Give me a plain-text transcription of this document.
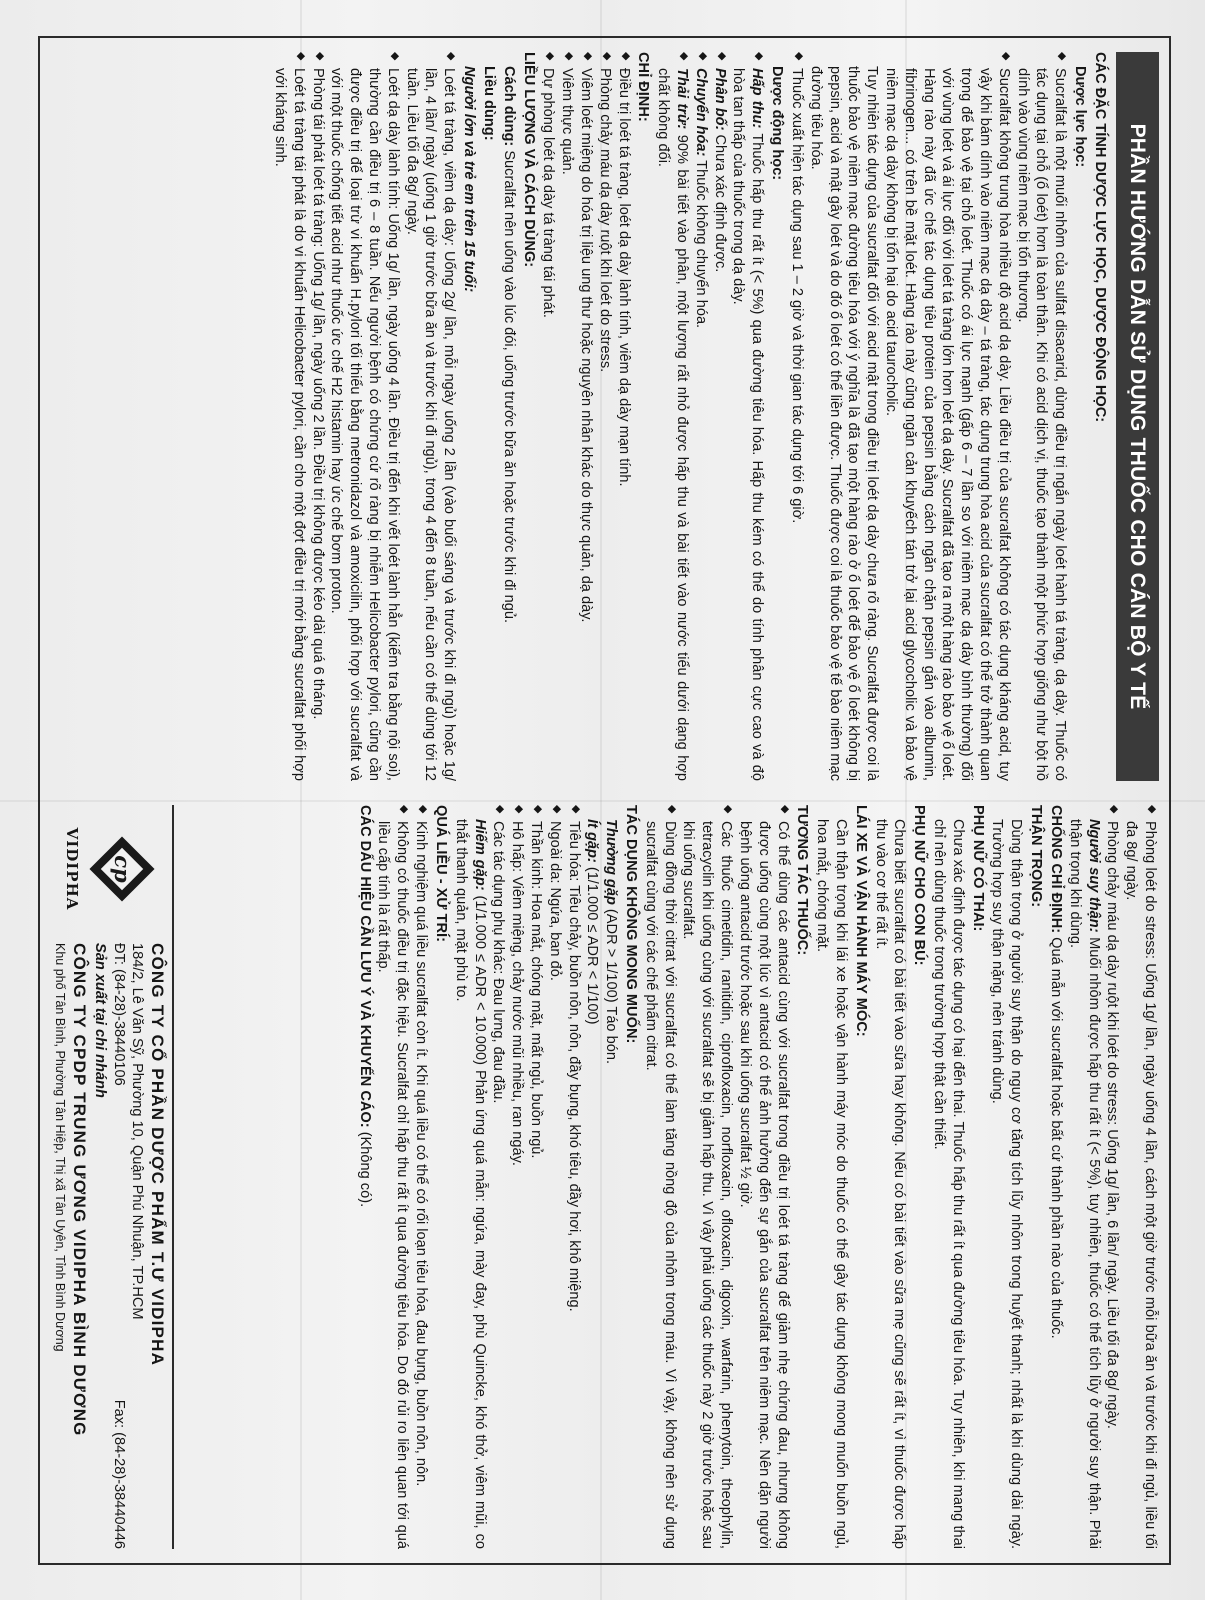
PHẦN HƯỚNG DẪN SỬ DỤNG THUỐC CHO CÁN BỘ Y TẾ
CÁC ĐẶC TÍNH DƯỢC LỰC HỌC, DƯỢC ĐỘNG HỌC:
Dược lực học:

◆ Sucralfat là một muối nhôm của sulfat disacarid, dùng điều trị ngắn ngày loét hành tá tràng, dạ dày. Thuốc có tác dụng tại chỗ (ổ loét) hơn là toàn thân. Khi có acid dịch vị, thuốc tạo thành một phức hợp giống như bột hồ dính vào vùng niêm mạc bị tổn thương.

◆ Sucralfat không trung hòa nhiều độ acid dạ dày. Liều điều trị của sucralfat không có tác dụng kháng acid, tuy vậy khi bám dính vào niêm mạc dạ dày – tá tràng, tác dụng trung hòa acid của sucralfat có thể trở thành quan trọng để bảo vệ tại chỗ loét. Thuốc có ái lực mạnh (gấp 6 – 7 lần so với niêm mạc dạ dày bình thường) đối với vùng loét và ái lực đối với loét tá tràng lớn hơn loét dạ dày. Sucralfat đã tạo ra một hàng rào bảo vệ ổ loét. Hàng rào này đã ức chế tác dụng tiêu protein của pepsin bằng cách ngăn chặn pepsin gắn vào albumin, fibrinogen... có trên bề mặt loét. Hàng rào này cũng ngăn cản khuyếch tán trở lại acid glycocholic và bảo vệ niêm mạc dạ dày không bị tổn hại do acid taurocholic.

Tuy nhiên tác dụng của sucralfat đối với acid mật trong điều trị loét dạ dày chưa rõ ràng. Sucralfat được coi là thuốc bảo vệ niêm mạc đường tiêu hóa với ý nghĩa là đã tạo một hàng rào ở ổ loét để bảo vệ ổ loét không bị pepsin, acid và mật gây loét và do đó ổ loét có thể liền được. Thuốc được coi là thuốc bảo vệ tế bào niêm mạc đường tiêu hóa.

◆ Thuốc xuất hiện tác dụng sau 1 – 2 giờ và thời gian tác dụng tới 6 giờ.

Dược động học:

◆ Hấp thu: Thuốc hấp thu rất ít (< 5%) qua đường tiêu hóa. Hấp thu kém có thể do tính phân cực cao và độ hòa tan thấp của thuốc trong dạ dày.

◆ Phân bố: Chưa xác định được.

◆ Chuyển hóa: Thuốc không chuyển hóa.

◆ Thải trừ: 90% bài tiết vào phân, một lượng rất nhỏ được hấp thu và bài tiết vào nước tiểu dưới dạng hợp chất không đổi.

CHỈ ĐỊNH:

◆ Điều trị loét tá tràng, loét dạ dày lành tính, viêm dạ dày mạn tính.

◆ Phòng chảy máu dạ dày ruột khi loét do stress.

◆ Viêm loét miệng do hóa trị liệu ung thư hoặc nguyên nhân khác do thực quản, dạ dày.

◆ Viêm thực quản.

◆ Dự phòng loét dạ dày tá tràng tái phát.

LIỀU LƯỢNG VÀ CÁCH DÙNG:

Cách dùng: Sucralfat nên uống vào lúc đói, uống trước bữa ăn hoặc trước khi đi ngủ.

Liều dùng:
Người lớn và trẻ em trên 15 tuổi:

◆ Loét tá tràng, viêm dạ dày: Uống 2g/ lần, mỗi ngày uống 2 lần (vào buổi sáng và trước khi đi ngủ) hoặc 1g/ lần, 4 lần/ ngày (uống 1 giờ trước bữa ăn và trước khi đi ngủ), trong 4 đến 8 tuần, nếu cần có thể dùng tới 12 tuần. Liều tối đa 8g/ ngày.

◆ Loét dạ dày lành tính: Uống 1g/ lần, ngày uống 4 lần. Điều trị đến khi vết loét lành hẳn (kiểm tra bằng nội soi), thường cần điều trị 6 – 8 tuần. Nếu người bệnh có chứng cứ rõ ràng bị nhiễm Helicobacter pylori, cũng cần được điều trị để loại trừ vi khuẩn H.pylori tối thiểu bằng metronidazol và amoxicilin, phối hợp với sucralfat và với một thuốc chống tiết acid như thuốc ức chế H2 histamin hay ức chế bơm proton.

◆ Phòng tái phát loét tá tràng: Uống 1g/ lần, ngày uống 2 lần. Điều trị không được kéo dài quá 6 tháng.

◆ Loét tá tràng tái phát là do vi khuẩn Helicobacter pylori, cần cho một đợt điều trị mới bằng sucralfat phối hợp với kháng sinh.

◆ Phòng loét do stress: Uống 1g/ lần, ngày uống 4 lần, cách một giờ trước mỗi bữa ăn và trước khi đi ngủ, liều tối đa 8g/ ngày.

◆ Phòng chảy máu dạ dày ruột khi loét do stress: Uống 1g/ lần, 6 lần/ ngày. Liều tối đa 8g/ ngày.

Người suy thận: Muối nhôm được hấp thu rất ít (< 5%), tuy nhiên, thuốc có thể tích lũy ở người suy thận. Phải thận trọng khi dùng.

CHỐNG CHỈ ĐỊNH: Quá mẫn với sucralfat hoặc bất cứ thành phần nào của thuốc.

THẬN TRỌNG:

Dùng thận trọng ở người suy thận do nguy cơ tăng tích lũy nhôm trong huyết thanh; nhất là khi dùng dài ngày. Trường hợp suy thận nặng, nên tránh dùng.

PHỤ NỮ CÓ THAI:

Chưa xác định được tác dụng có hại đến thai. Thuốc hấp thu rất ít qua đường tiêu hóa. Tuy nhiên, khi mang thai chỉ nên dùng thuốc trong trường hợp thật cần thiết.

PHỤ NỮ CHO CON BÚ:

Chưa biết sucralfat có bài tiết vào sữa hay không. Nếu có bài tiết vào sữa mẹ cũng sẽ rất ít, vì thuốc được hấp thu vào cơ thể rất ít.

LÁI XE VÀ VẬN HÀNH MÁY MÓC:

Cần thận trọng khi lái xe hoặc vận hành máy móc do thuốc có thể gây tác dụng không mong muốn buồn ngủ, hoa mắt, chóng mặt.

TƯƠNG TÁC THUỐC:

◆ Có thể dùng các antacid cùng với sucralfat trong điều trị loét tá tràng để giảm nhẹ chứng đau, nhưng không được uống cùng một lúc vì antacid có thể ảnh hưởng đến sự gắn của sucralfat trên niêm mạc. Nên dặn người bệnh uống antacid trước hoặc sau khi uống sucralfat ½ giờ.

◆ Các thuốc cimetidin, ranitidin, ciprofloxacin, norfloxacin, ofloxacin, digoxin, warfarin, phenytoin, theophylin, tetracyclin khi uống cùng với sucralfat sẽ bị giảm hấp thu. Vì vậy phải uống các thuốc này 2 giờ trước hoặc sau khi uống sucralfat.

◆ Dùng đồng thời citrat với sucralfat có thể làm tăng nồng độ của nhôm trong máu. Vì vậy, không nên sử dụng sucralfat cùng với các chế phẩm citrat.

TÁC DỤNG KHÔNG MONG MUỐN:

Thường gặp (ADR > 1/100) Táo bón.

Ít gặp: (1/1.000 ≤ ADR < 1/100)

◆ Tiêu hóa: Tiêu chảy, buồn nôn, nôn, đầy bụng, khó tiêu, đầy hơi, khô miệng.

◆ Ngoài da: Ngứa, ban đỏ.

◆ Thần kinh: Hoa mắt, chóng mặt, mất ngủ, buồn ngủ.

◆ Hô hấp: Viêm miệng, chảy nước mũi nhiều, ran ngáy.

◆ Các tác dụng phụ khác: Đau lưng, đau đầu.

Hiếm gặp: (1/1.000 ≤ ADR < 10.000) Phản ứng quá mẫn: ngứa, mày đay, phù Quincke, khó thở, viêm mũi, co thắt thanh quản, mặt phù to.

QUÁ LIỀU - XỬ TRÍ:

◆ Kinh nghiệm quá liều sucralfat còn ít. Khi quá liều có thể có rối loạn tiêu hóa, đau bụng, buồn nôn, nôn.

◆ Không có thuốc điều trị đặc hiệu. Sucralfat chỉ hấp thu rất ít qua đường tiêu hóa. Do đó rủi ro liên quan tới quá liều cấp tính là rất thấp.

CÁC DẤU HIỆU CẦN LƯU Ý VÀ KHUYẾN CÁO: (Không có).

cp
VIDIPHA
CÔNG TY CỔ PHẦN DƯỢC PHẨM T.Ư VIDIPHA
184/2, Lê Văn Sỹ, Phường 10, Quận Phú Nhuận, TP.HCM
ĐT: (84-28)-38440106
Fax: (84-28)-38440446
Sản xuất tại chi nhánh
CÔNG TY CPDP TRUNG ƯƠNG VIDIPHA BÌNH DƯƠNG
Khu phố Tân Bình, Phường Tân Hiệp, Thị xã Tân Uyên, Tỉnh Bình Dương
